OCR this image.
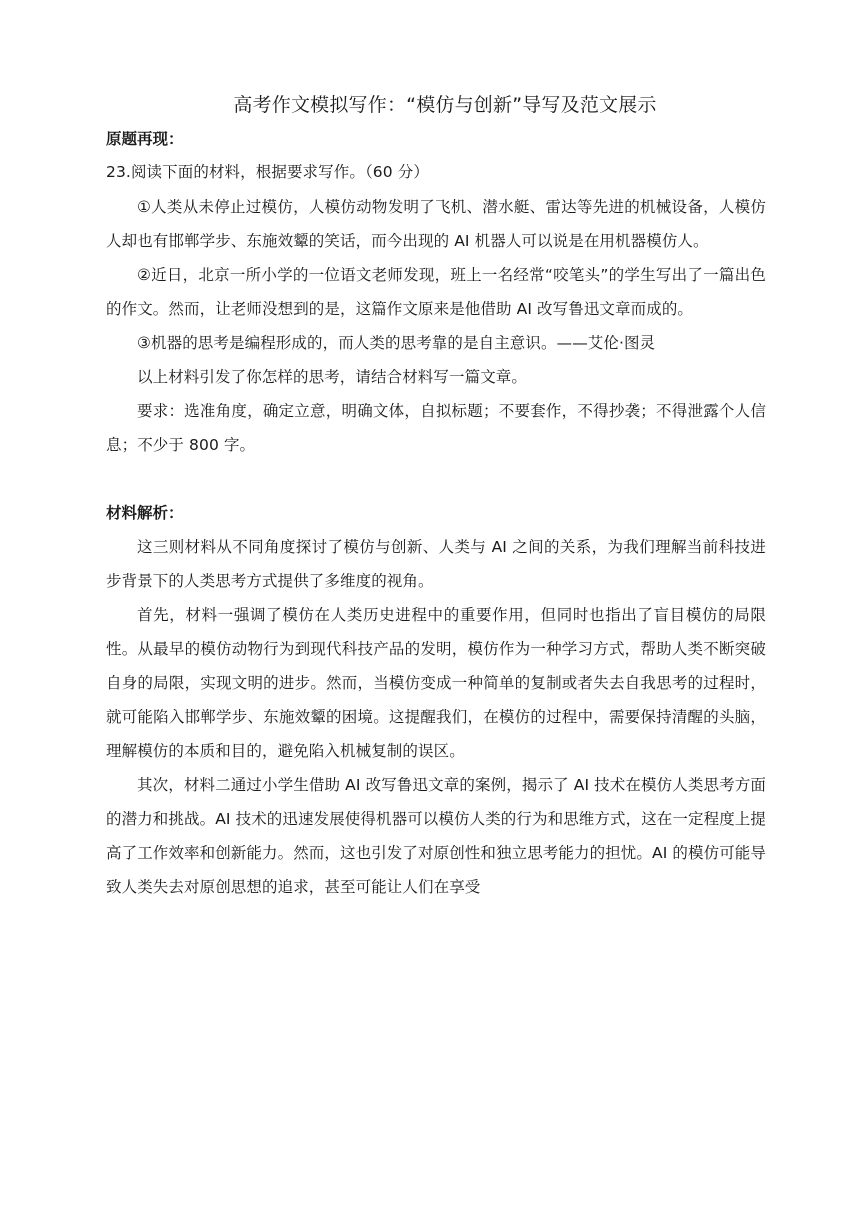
高考作文模拟写作：“模仿与创新”导写及范文展示

原题再现：

23.阅读下面的材料，根据要求写作。（60 分）

①人类从未停止过模仿，人模仿动物发明了飞机、潜水艇、雷达等先进的机械设备，人模仿人却也有邯郸学步、东施效颦的笑话，而今出现的 AI 机器人可以说是在用机器模仿人。

②近日，北京一所小学的一位语文老师发现，班上一名经常“咬笔头”的学生写出了一篇出色的作文。然而，让老师没想到的是，这篇作文原来是他借助 AI 改写鲁迅文章而成的。

③机器的思考是编程形成的，而人类的思考靠的是自主意识。——艾伦·图灵

以上材料引发了你怎样的思考，请结合材料写一篇文章。

要求：选准角度，确定立意，明确文体，自拟标题；不要套作，不得抄袭；不得泄露个人信息；不少于 800 字。

材料解析：

这三则材料从不同角度探讨了模仿与创新、人类与 AI 之间的关系，为我们理解当前科技进步背景下的人类思考方式提供了多维度的视角。

首先，材料一强调了模仿在人类历史进程中的重要作用，但同时也指出了盲目模仿的局限性。从最早的模仿动物行为到现代科技产品的发明，模仿作为一种学习方式，帮助人类不断突破自身的局限，实现文明的进步。然而，当模仿变成一种简单的复制或者失去自我思考的过程时，就可能陷入邯郸学步、东施效颦的困境。这提醒我们，在模仿的过程中，需要保持清醒的头脑，理解模仿的本质和目的，避免陷入机械复制的误区。

其次，材料二通过小学生借助 AI 改写鲁迅文章的案例，揭示了 AI 技术在模仿人类思考方面的潜力和挑战。AI 技术的迅速发展使得机器可以模仿人类的行为和思维方式，这在一定程度上提高了工作效率和创新能力。然而，这也引发了对原创性和独立思考能力的担忧。AI 的模仿可能导致人类失去对原创思想的追求，甚至可能让人们在享受
